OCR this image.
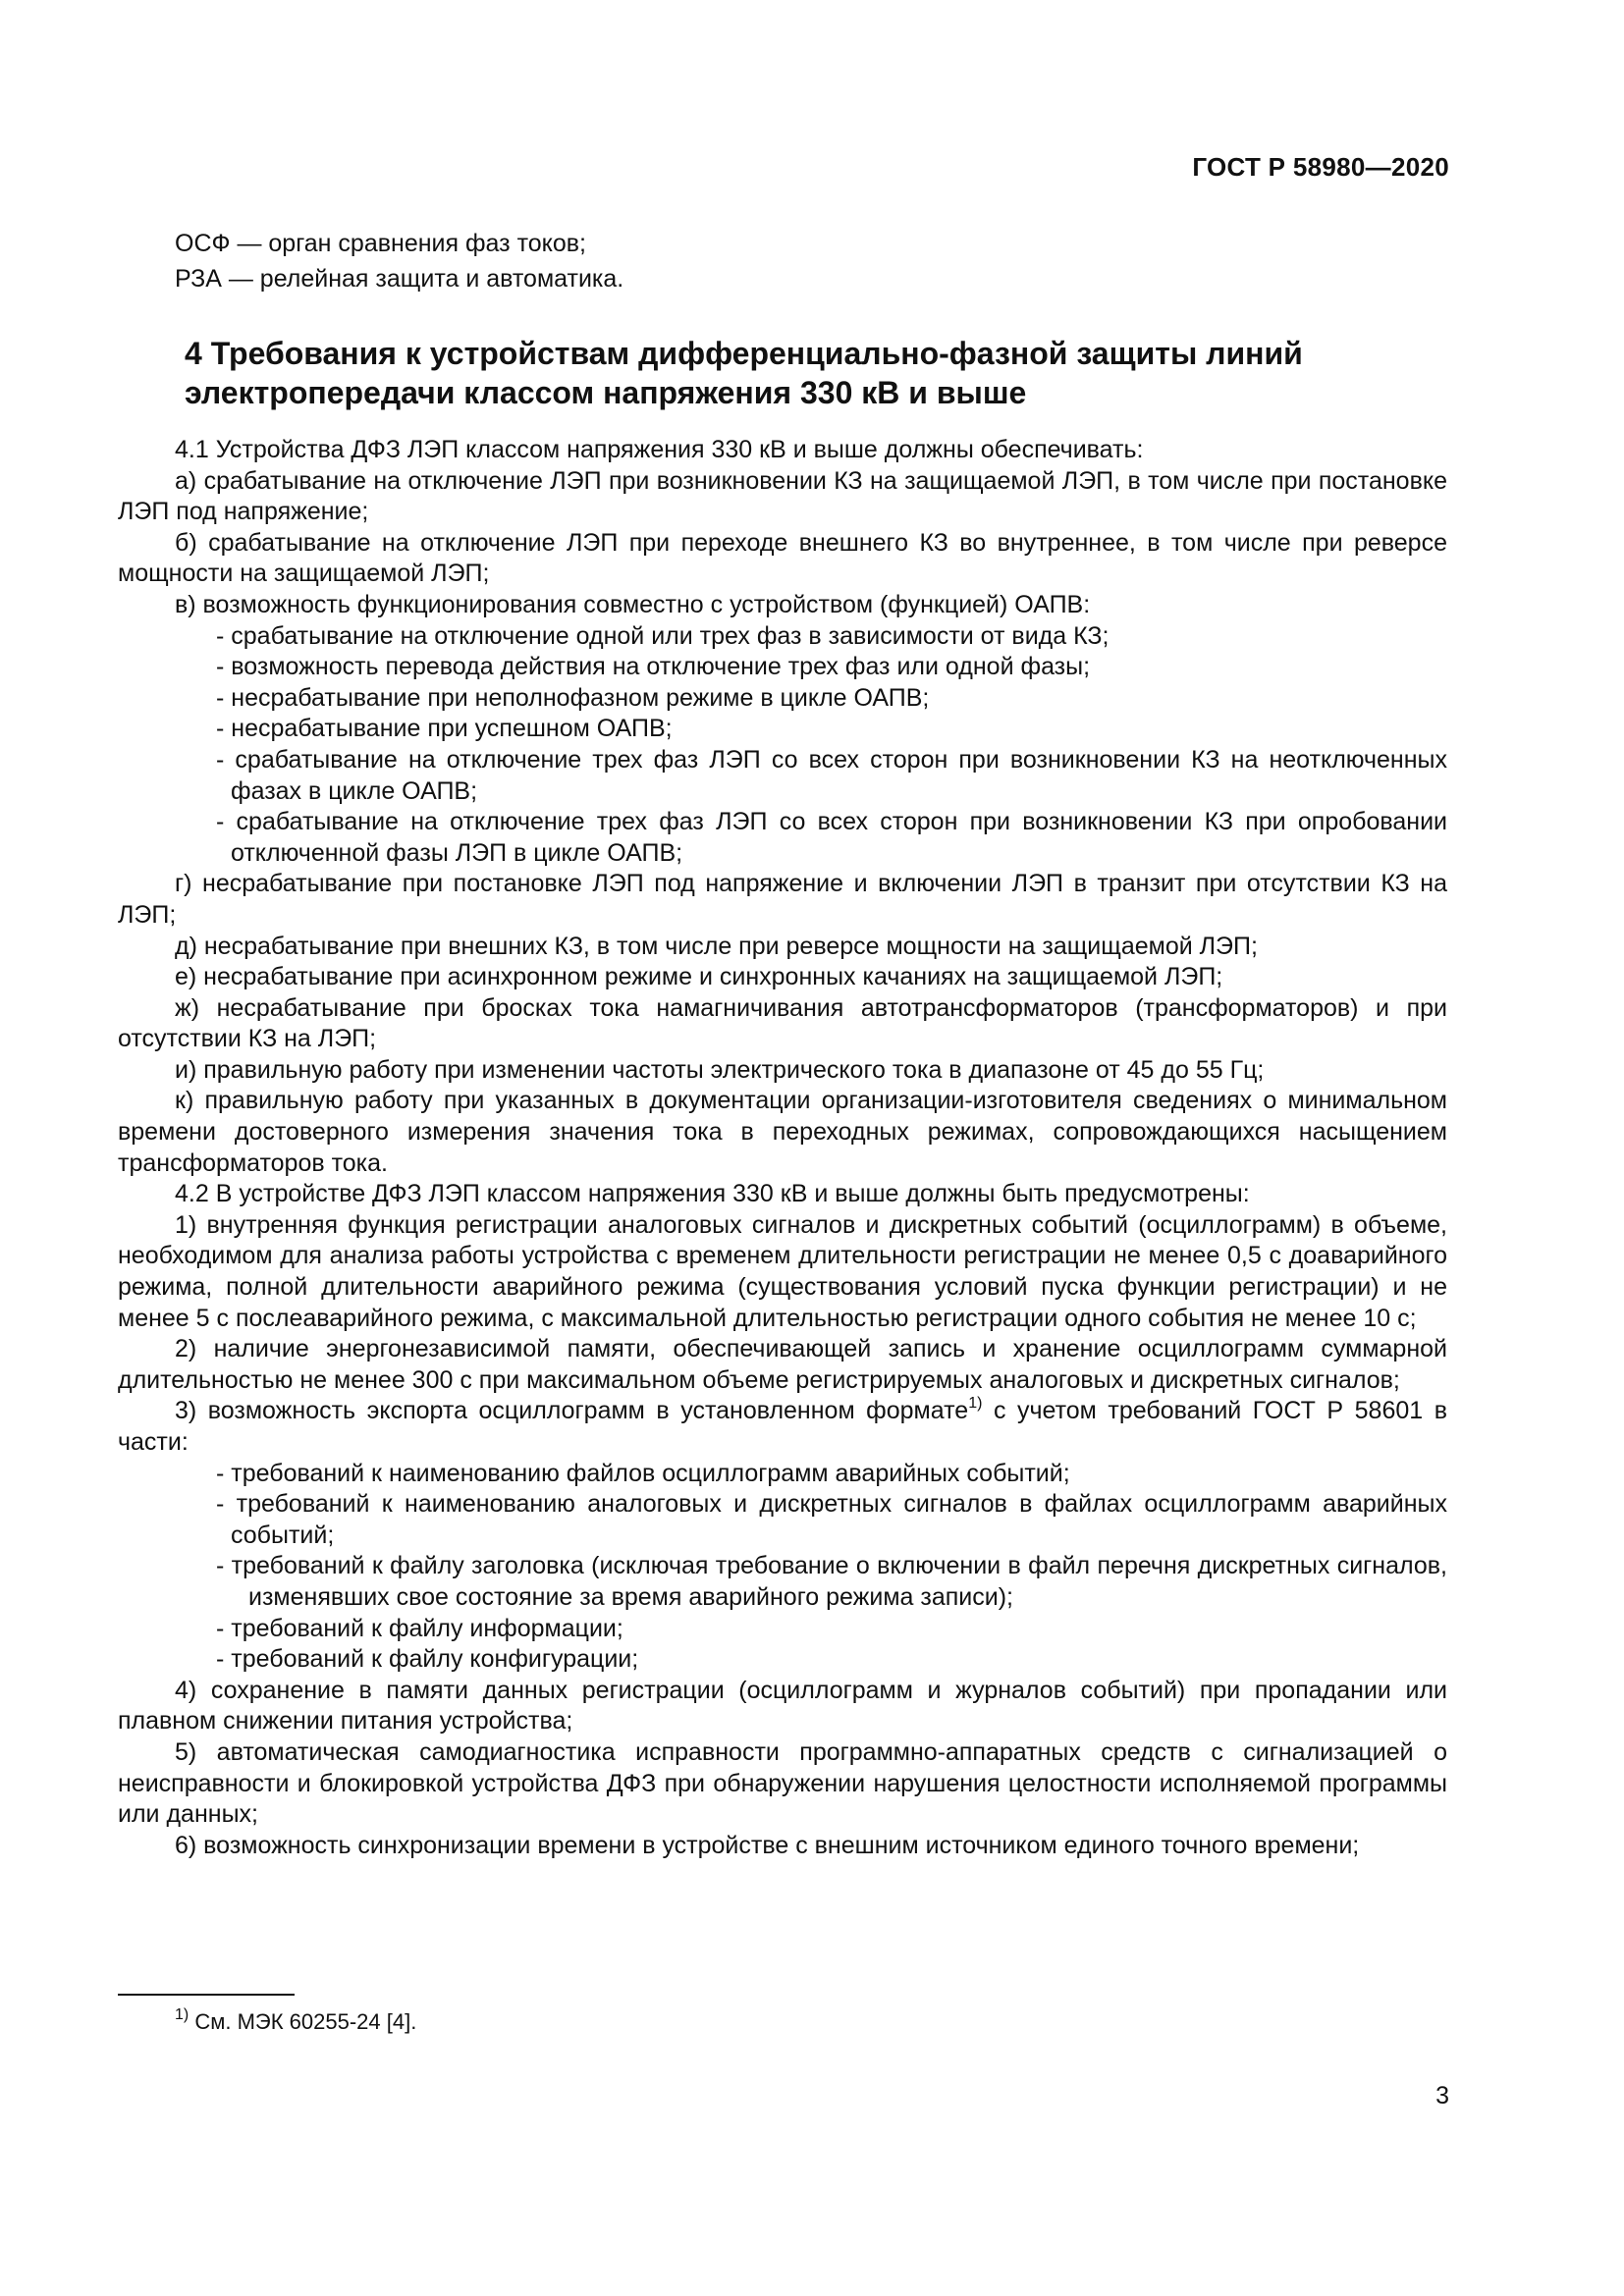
ГОСТ Р 58980—2020

ОСФ — орган сравнения фаз токов;

РЗА — релейная защита и автоматика.

4 Требования к устройствам дифференциально-фазной защиты линий электропередачи классом напряжения 330 кВ и выше

4.1 Устройства ДФЗ ЛЭП классом напряжения 330 кВ и выше должны обеспечивать:

а) срабатывание на отключение ЛЭП при возникновении КЗ на защищаемой ЛЭП, в том числе при постановке ЛЭП под напряжение;

б) срабатывание на отключение ЛЭП при переходе внешнего КЗ во внутреннее, в том числе при реверсе мощности на защищаемой ЛЭП;

в) возможность функционирования совместно с устройством (функцией) ОАПВ:

- срабатывание на отключение одной или трех фаз в зависимости от вида КЗ;

- возможность перевода действия на отключение трех фаз или одной фазы;

- несрабатывание при неполнофазном режиме в цикле ОАПВ;

- несрабатывание при успешном ОАПВ;

- срабатывание на отключение трех фаз ЛЭП со всех сторон при возникновении КЗ на неотключенных фазах в цикле ОАПВ;

- срабатывание на отключение трех фаз ЛЭП со всех сторон при возникновении КЗ при опробовании отключенной фазы ЛЭП в цикле ОАПВ;

г) несрабатывание при постановке ЛЭП под напряжение и включении ЛЭП в транзит при отсутствии КЗ на ЛЭП;

д) несрабатывание при внешних КЗ, в том числе при реверсе мощности на защищаемой ЛЭП;

е) несрабатывание при асинхронном режиме и синхронных качаниях на защищаемой ЛЭП;

ж) несрабатывание при бросках тока намагничивания автотрансформаторов (трансформаторов) и при отсутствии КЗ на ЛЭП;

и) правильную работу при изменении частоты электрического тока в диапазоне от 45 до 55 Гц;

к) правильную работу при указанных в документации организации-изготовителя сведениях о минимальном времени достоверного измерения значения тока в переходных режимах, сопровождающихся насыщением трансформаторов тока.

4.2 В устройстве ДФЗ ЛЭП классом напряжения 330 кВ и выше должны быть предусмотрены:

1) внутренняя функция регистрации аналоговых сигналов и дискретных событий (осциллограмм) в объеме, необходимом для анализа работы устройства с временем длительности регистрации не менее 0,5 с доаварийного режима, полной длительности аварийного режима (существования условий пуска функции регистрации) и не менее 5 с послеаварийного режима, с максимальной длительностью регистрации одного события не менее 10 с;

2) наличие энергонезависимой памяти, обеспечивающей запись и хранение осциллограмм суммарной длительностью не менее 300 с при максимальном объеме регистрируемых аналоговых и дискретных сигналов;

3) возможность экспорта осциллограмм в установленном формате$^{1)}$ с учетом требований ГОСТ Р 58601 в части:

- требований к наименованию файлов осциллограмм аварийных событий;

- требований к наименованию аналоговых и дискретных сигналов в файлах осциллограмм аварийных событий;

- требований к файлу заголовка (исключая требование о включении в файл перечня дискретных сигналов, изменявших свое состояние за время аварийного режима записи);

- требований к файлу информации;

- требований к файлу конфигурации;

4) сохранение в памяти данных регистрации (осциллограмм и журналов событий) при пропадании или плавном снижении питания устройства;

5) автоматическая самодиагностика исправности программно-аппаратных средств с сигнализацией о неисправности и блокировкой устройства ДФЗ при обнаружении нарушения целостности исполняемой программы или данных;

6) возможность синхронизации времени в устройстве с внешним источником единого точного времени;

$^{1)}$ См. МЭК 60255-24 [4].
3
